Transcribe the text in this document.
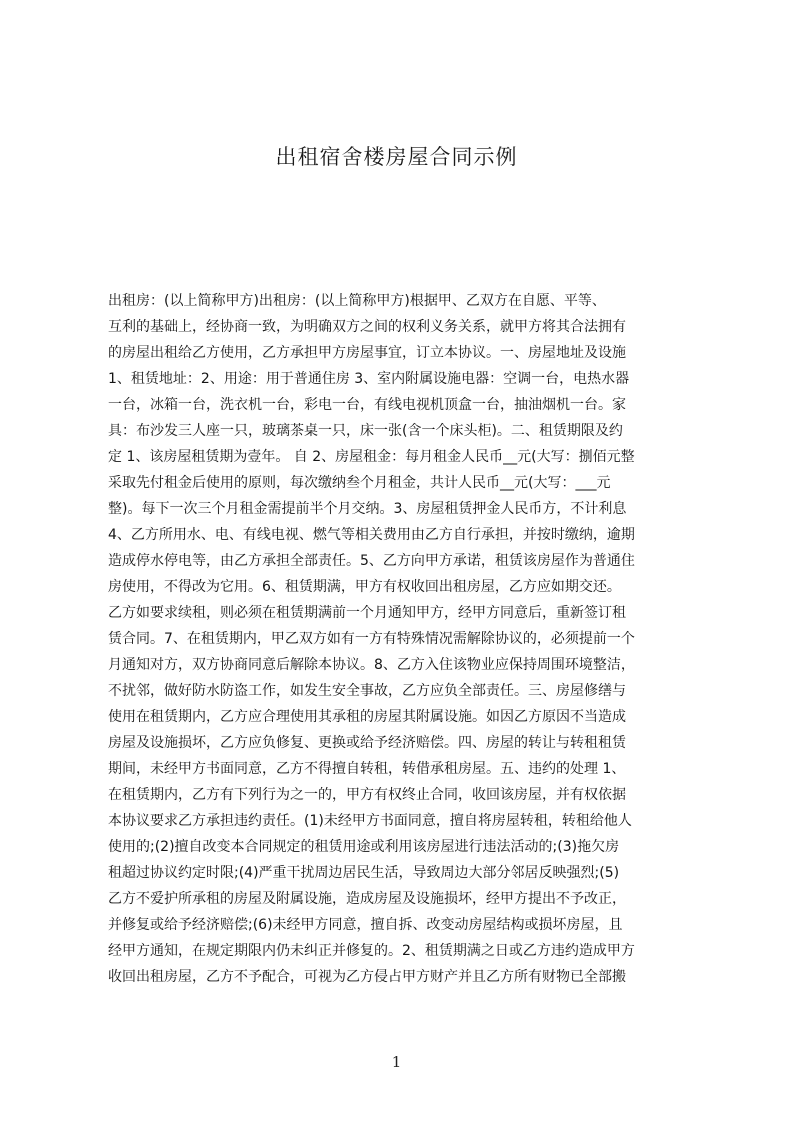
出租宿舍楼房屋合同示例
出租房：(以上简称甲方)出租房：(以上简称甲方)根据甲、乙双方在自愿、平等、
互利的基础上，经协商一致，为明确双方之间的权利义务关系，就甲方将其合法拥有
的房屋出租给乙方使用，乙方承担甲方房屋事宜，订立本协议。一、房屋地址及设施
1、租赁地址：2、用途：用于普通住房 3、室内附属设施电器：空调一台，电热水器
一台，冰箱一台，洗衣机一台，彩电一台，有线电视机顶盒一台，抽油烟机一台。家
具：布沙发三人座一只，玻璃茶桌一只，床一张(含一个床头柜)。二、租赁期限及约
定 1、该房屋租赁期为壹年。 自 2、房屋租金：每月租金人民币__元(大写：捌佰元整
采取先付租金后使用的原则，每次缴纳叁个月租金，共计人民币__元(大写：___元
整)。每下一次三个月租金需提前半个月交纳。3、房屋租赁押金人民币方，不计利息
4、乙方所用水、电、有线电视、燃气等相关费用由乙方自行承担，并按时缴纳，逾期
造成停水停电等，由乙方承担全部责任。5、乙方向甲方承诺，租赁该房屋作为普通住
房使用，不得改为它用。6、租赁期满，甲方有权收回出租房屋，乙方应如期交还。
乙方如要求续租，则必须在租赁期满前一个月通知甲方，经甲方同意后，重新签订租
赁合同。7、在租赁期内，甲乙双方如有一方有特殊情况需解除协议的，必须提前一个
月通知对方，双方协商同意后解除本协议。8、乙方入住该物业应保持周围环境整洁，
不扰邻，做好防水防盗工作，如发生安全事故，乙方应负全部责任。三、房屋修缮与
使用在租赁期内，乙方应合理使用其承租的房屋其附属设施。如因乙方原因不当造成
房屋及设施损坏，乙方应负修复、更换或给予经济赔偿。四、房屋的转让与转租租赁
期间，未经甲方书面同意，乙方不得擅自转租，转借承租房屋。五、违约的处理 1、
在租赁期内，乙方有下列行为之一的，甲方有权终止合同，收回该房屋，并有权依据
本协议要求乙方承担违约责任。(1)未经甲方书面同意，擅自将房屋转租，转租给他人
使用的;(2)擅自改变本合同规定的租赁用途或利用该房屋进行违法活动的;(3)拖欠房
租超过协议约定时限;(4)严重干扰周边居民生活，导致周边大部分邻居反映强烈;(5)
乙方不爱护所承租的房屋及附属设施，造成房屋及设施损坏，经甲方提出不予改正，
并修复或给予经济赔偿;(6)未经甲方同意，擅自拆、改变动房屋结构或损坏房屋，且
经甲方通知，在规定期限内仍未纠正并修复的。2、租赁期满之日或乙方违约造成甲方
收回出租房屋，乙方不予配合，可视为乙方侵占甲方财产并且乙方所有财物已全部搬
1
